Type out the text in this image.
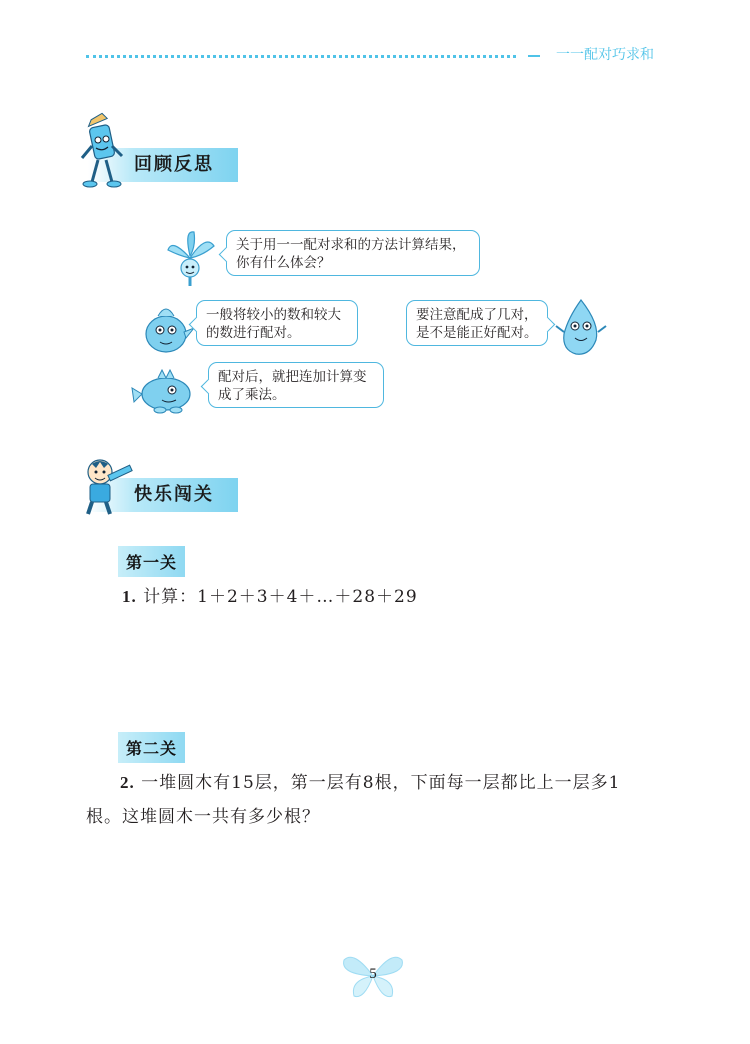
一一配对巧求和
回顾反思
关于用一一配对求和的方法计算结果，你有什么体会？
一般将较小的数和较大的数进行配对。
要注意配成了几对，是不是能正好配对。
配对后，就把连加计算变成了乘法。
快乐闯关
第一关
1. 计算：1＋2＋3＋4＋…＋28＋29
第二关
2. 一堆圆木有15层，第一层有8根，下面每一层都比上一层多1
根。这堆圆木一共有多少根？
5
